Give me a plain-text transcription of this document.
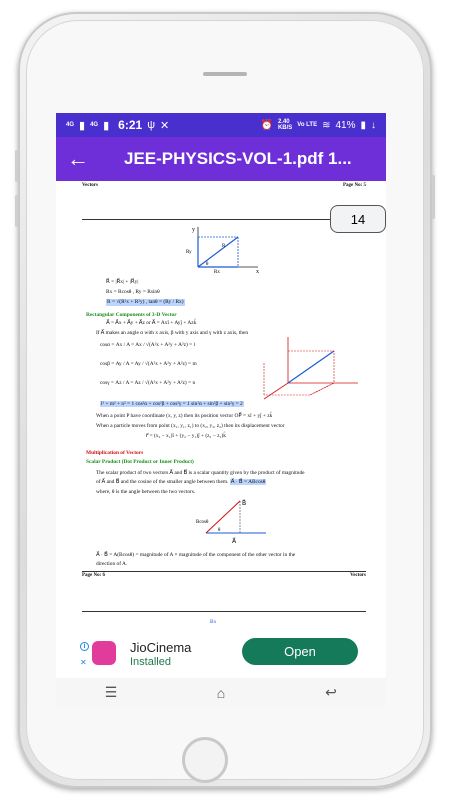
4G ▮ 4G ▮ 6:21 ψ ✕	⏰ 2.40
KB/S Vo LTE ≋ 41% ▮ ↓
←	JEE-PHYSICS-VOL-1.pdf 1...
Vectors	Page No: 5
y
x
Ry
Rx
R
θ
R⃗ = |R⃗x| + |R⃗y|
Rx = Rcosθ , Ry = Rsinθ
R = √(R²x + R²y) , tanθ = (Ry / Rx)
Rectangular Components of 3-D Vector
A⃗ = A⃗x + A⃗y + A⃗z or A⃗ = Axî + Ayĵ + Azk̂
If A⃗ makes an angle α with x axis, β with y axis and γ with z axis, then
cosα = Ax / A = Ax / √(A²x + A²y + A²z) = l
cosβ = Ay / A = Ay / √(A²x + A²y + A²z) = m
cosγ = Az / A = Az / √(A²x + A²y + A²z) = n
l² + m² + n² = 1 cos²α + cos²β + cos²γ = 1 sin²α + sin²β + sin²γ = 2
When a point P have coordinate (x, y, z) then its position vector OP⃗ = xî + yĵ + zk̂
When a particle moves from point (x₁, y₁, z₁) to (x₂, y₂, z₂) then its displacement vector
r⃗ = (x₂ − x₁)î + (y₂ − y₁)ĵ + (z₂ − z₁)k̂
Multiplication of Vectors
Scalar Product (Dot Product or Inner Product)
The scalar product of two vectors A⃗ and B⃗ is a scalar quantity given by the product of magnitude
of A⃗ and B⃗ and the cosine of the smaller angle between them. A⃗ · B⃗ = ABcosθ
where, θ is the angle between the two vectors.
B⃗
Bcosθ
θ
A⃗
A⃗ · B⃗ = A(Bcosθ) = magnitude of A × magnitude of the component of the other vector in the
direction of A.
Page No: 6	Vectors
Bx
14
i
✕
JioCinema
Installed
Open
☰	⌂	↩
